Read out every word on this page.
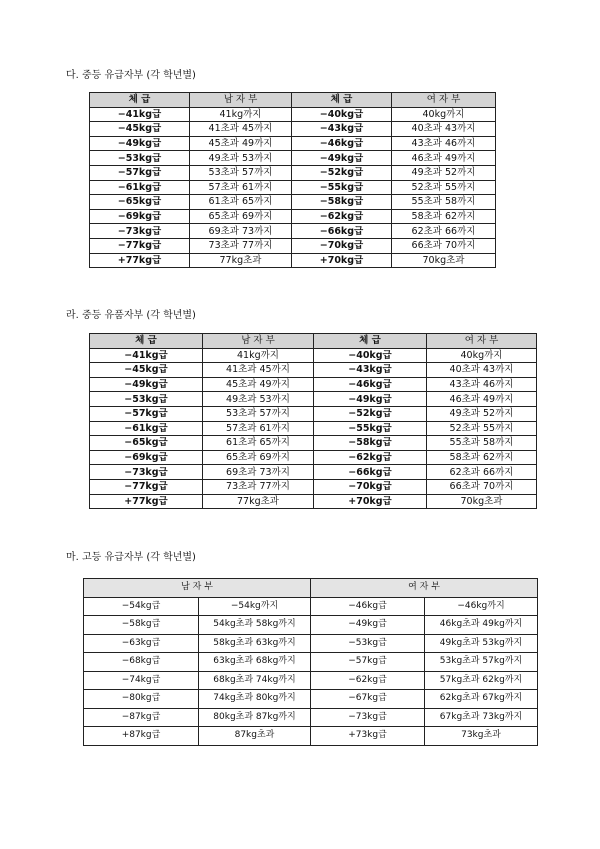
다. 중등 유급자부 (각 학년별)
체 급	남 자 부	체 급	여 자 부
−41kg급	41kg까지	−40kg급	40kg까지
−45kg급	41초과 45까지	−43kg급	40초과 43까지
−49kg급	45초과 49까지	−46kg급	43초과 46까지
−53kg급	49초과 53까지	−49kg급	46초과 49까지
−57kg급	53초과 57까지	−52kg급	49초과 52까지
−61kg급	57초과 61까지	−55kg급	52초과 55까지
−65kg급	61초과 65까지	−58kg급	55초과 58까지
−69kg급	65초과 69까지	−62kg급	58초과 62까지
−73kg급	69초과 73까지	−66kg급	62초과 66까지
−77kg급	73초과 77까지	−70kg급	66초과 70까지
+77kg급	77kg초과	+70kg급	70kg초과
라. 중등 유품자부 (각 학년별)
체 급	남 자 부	체 급	여 자 부
−41kg급	41kg까지	−40kg급	40kg까지
−45kg급	41초과 45까지	−43kg급	40초과 43까지
−49kg급	45초과 49까지	−46kg급	43초과 46까지
−53kg급	49초과 53까지	−49kg급	46초과 49까지
−57kg급	53초과 57까지	−52kg급	49초과 52까지
−61kg급	57초과 61까지	−55kg급	52초과 55까지
−65kg급	61초과 65까지	−58kg급	55초과 58까지
−69kg급	65초과 69까지	−62kg급	58초과 62까지
−73kg급	69초과 73까지	−66kg급	62초과 66까지
−77kg급	73초과 77까지	−70kg급	66초과 70까지
+77kg급	77kg초과	+70kg급	70kg초과
마. 고등 유급자부 (각 학년별)
남 자 부		여 자 부	
−54kg급	−54kg까지	−46kg급	−46kg까지
−58kg급	54kg초과 58kg까지	−49kg급	46kg초과 49kg까지
−63kg급	58kg초과 63kg까지	−53kg급	49kg초과 53kg까지
−68kg급	63kg초과 68kg까지	−57kg급	53kg초과 57kg까지
−74kg급	68kg초과 74kg까지	−62kg급	57kg초과 62kg까지
−80kg급	74kg초과 80kg까지	−67kg급	62kg초과 67kg까지
−87kg급	80kg초과 87kg까지	−73kg급	67kg초과 73kg까지
+87kg급	87kg초과	+73kg급	73kg초과
